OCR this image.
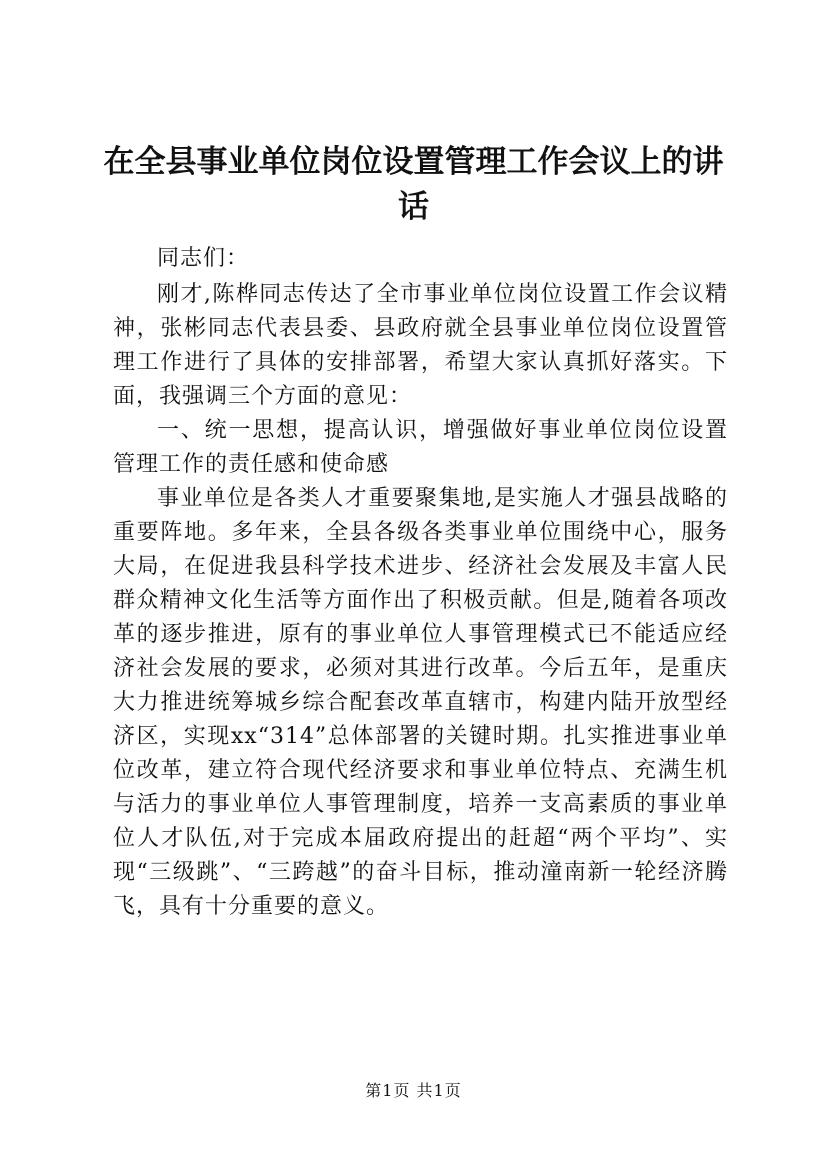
在全县事业单位岗位设置管理工作会议上的讲话

同志们：

刚才,陈桦同志传达了全市事业单位岗位设置工作会议精神，张彬同志代表县委、县政府就全县事业单位岗位设置管理工作进行了具体的安排部署，希望大家认真抓好落实。下面，我强调三个方面的意见：

一、统一思想，提高认识，增强做好事业单位岗位设置管理工作的责任感和使命感

事业单位是各类人才重要聚集地,是实施人才强县战略的重要阵地。多年来，全县各级各类事业单位围绕中心，服务大局，在促进我县科学技术进步、经济社会发展及丰富人民群众精神文化生活等方面作出了积极贡献。但是,随着各项改革的逐步推进，原有的事业单位人事管理模式已不能适应经济社会发展的要求，必须对其进行改革。今后五年，是重庆大力推进统筹城乡综合配套改革直辖市，构建内陆开放型经济区，实现xx“314”总体部署的关键时期。扎实推进事业单位改革，建立符合现代经济要求和事业单位特点、充满生机与活力的事业单位人事管理制度，培养一支高素质的事业单位人才队伍,对于完成本届政府提出的赶超“两个平均”、实现“三级跳”、“三跨越”的奋斗目标，推动潼南新一轮经济腾飞，具有十分重要的意义。

第1页 共1页
